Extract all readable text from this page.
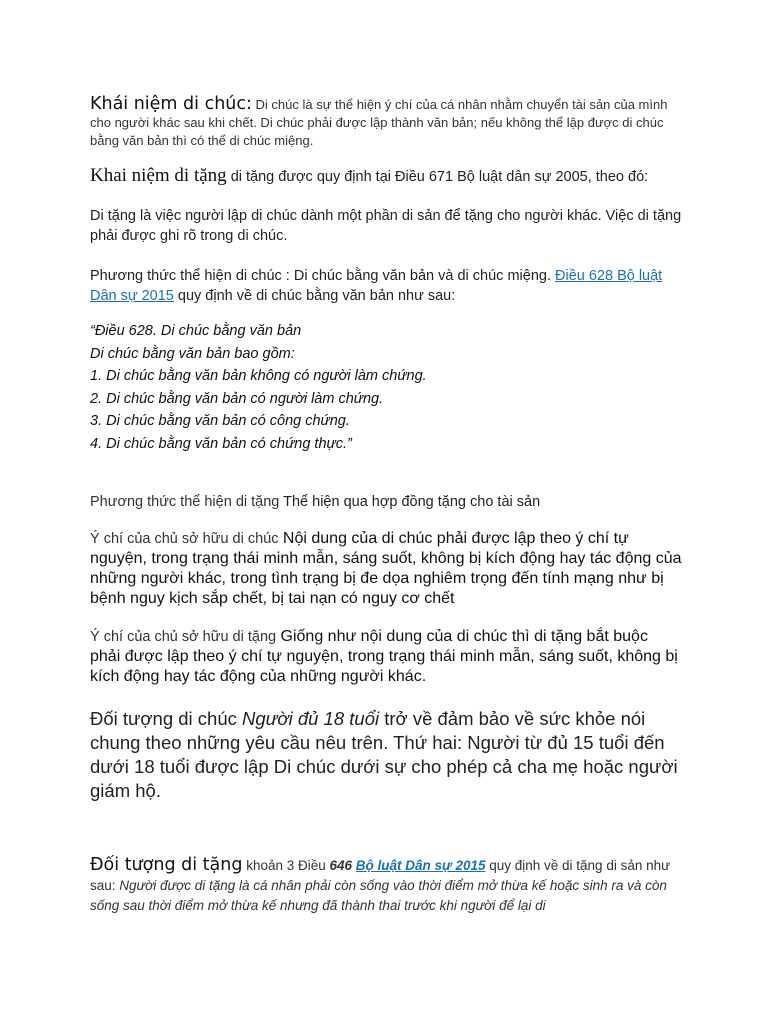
Khái niệm di chúc: Di chúc là sự thể hiện ý chí của cá nhân nhằm chuyển tài sản của mình cho người khác sau khi chết. Di chúc phải được lập thành văn bản; nếu không thể lập được di chúc bằng văn bản thì có thể di chúc miệng.

Khai niệm di tặng di tặng được quy định tại Điều 671 Bộ luật dân sự 2005, theo đó:

Di tặng là việc người lập di chúc dành một phần di sản để tặng cho người khác. Việc di tặng phải được ghi rõ trong di chúc.

Phương thức thể hiện di chúc : Di chúc bằng văn bản và di chúc miệng. Điều 628 Bộ luật Dân sự 2015 quy định về di chúc bằng văn bản như sau:

“Điều 628. Di chúc bằng văn bản

Di chúc bằng văn bản bao gồm:

1. Di chúc bằng văn bản không có người làm chứng.

2. Di chúc bằng văn bản có người làm chứng.

3. Di chúc bằng văn bản có công chứng.

4. Di chúc bằng văn bản có chứng thực.”

Phương thức thể hiện di tặng Thể hiện qua hợp đồng tặng cho tài sản

Ý chí của chủ sở hữu di chúc Nội dung của di chúc phải được lập theo ý chí tự nguyện, trong trạng thái minh mẫn, sáng suốt, không bị kích động hay tác động của những người khác, trong tình trạng bị đe dọa nghiêm trọng đến tính mạng như bị bệnh nguy kịch sắp chết, bị tai nạn có nguy cơ chết

Ý chí của chủ sở hữu di tặng Giống như nội dung của di chúc thì di tặng bắt buộc phải được lập theo ý chí tự nguyện, trong trạng thái minh mẫn, sáng suốt, không bị kích động hay tác động của những người khác.

Đối tượng di chúc Người đủ 18 tuổi trở về đảm bảo về sức khỏe nói chung theo những yêu cầu nêu trên. Thứ hai: Người từ đủ 15 tuổi đến dưới 18 tuổi được lập Di chúc dưới sự cho phép cả cha mẹ hoặc người giám hộ.

Đối tượng di tặng khoản 3 Điều 646 Bộ luật Dân sự 2015 quy định về di tặng di sản như sau: Người được di tặng là cá nhân phải còn sống vào thời điểm mở thừa kế hoặc sinh ra và còn sống sau thời điểm mở thừa kế nhưng đã thành thai trước khi người để lại di
